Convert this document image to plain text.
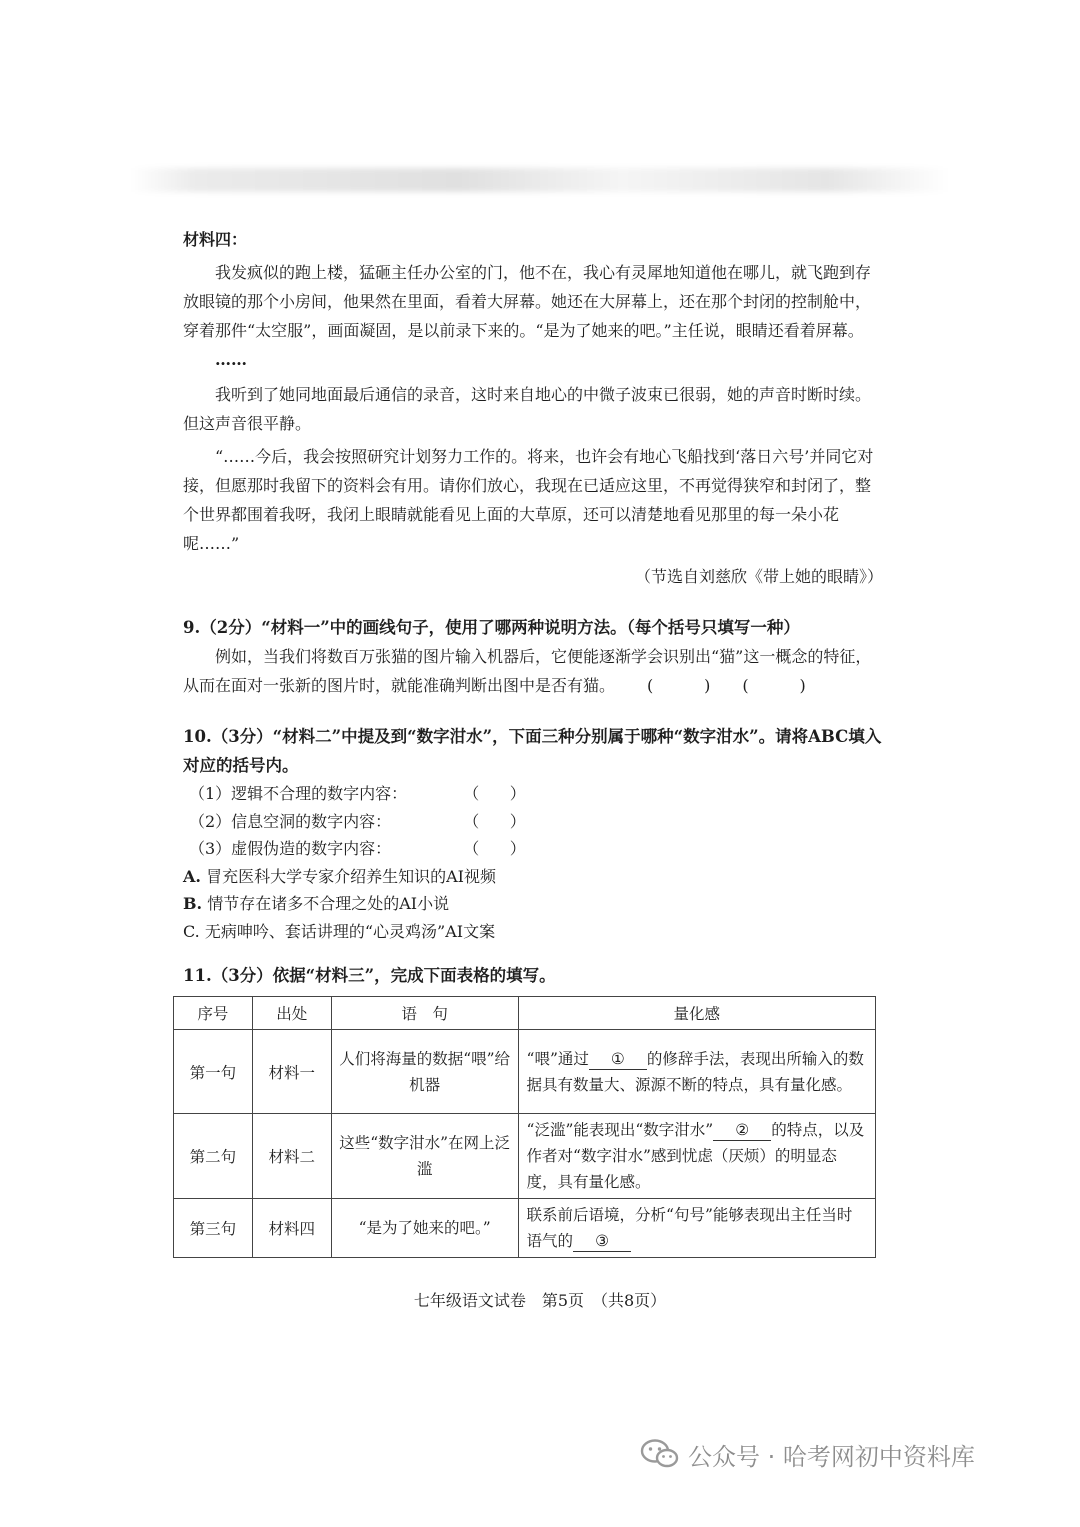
材料四：

我发疯似的跑上楼，猛砸主任办公室的门，他不在，我心有灵犀地知道他在哪儿，就飞跑到存放眼镜的那个小房间，他果然在里面，看着大屏幕。她还在大屏幕上，还在那个封闭的控制舱中，穿着那件“太空服”，画面凝固，是以前录下来的。“是为了她来的吧。”主任说，眼睛还看着屏幕。

……

我听到了她同地面最后通信的录音，这时来自地心的中微子波束已很弱，她的声音时断时续。但这声音很平静。

“……今后，我会按照研究计划努力工作的。将来，也许会有地心飞船找到‘落日六号’并同它对接，但愿那时我留下的资料会有用。请你们放心，我现在已适应这里，不再觉得狭窄和封闭了，整个世界都围着我呀，我闭上眼睛就能看见上面的大草原，还可以清楚地看见那里的每一朵小花呢……”

（节选自刘慈欣《带上她的眼睛》）

9.（2分）“材料一”中的画线句子，使用了哪两种说明方法。（每个括号只填写一种）

例如，当我们将数百万张猫的图片输入机器后，它便能逐渐学会识别出“猫”这一概念的特征，从而在面对一张新的图片时，就能准确判断出图中是否有猫。 (          ) (          )

10.（3分）“材料二”中提及到“数字泔水”，下面三种分别属于哪种“数字泔水”。请将ABC填入对应的括号内。

（1）逻辑不合理的数字内容：	（      ）

（2）信息空洞的数字内容：	（      ）

（3）虚假伪造的数字内容：	（      ）

A. 冒充医科大学专家介绍养生知识的AI视频

B. 情节存在诸多不合理之处的AI小说

C. 无病呻吟、套话讲理的“心灵鸡汤”AI文案

11.（3分）依据“材料三”，完成下面表格的填写。

序号	出处	语　句	量化感
第一句	材料一	人们将海量的数据“喂”给机器	“喂”通过 ① 的修辞手法，表现出所输入的数据具有数量大、源源不断的特点，具有量化感。
第二句	材料二	这些“数字泔水”在网上泛滥	“泛滥”能表现出“数字泔水” ② 的特点，以及作者对“数字泔水”感到忧虑（厌烦）的明显态度，具有量化感。
第三句	材料四	“是为了她来的吧。”	联系前后语境，分析“句号”能够表现出主任当时语气的 ③
七年级语文试卷　第5页　（共8页）
公众号 · 哈考网初中资料库
